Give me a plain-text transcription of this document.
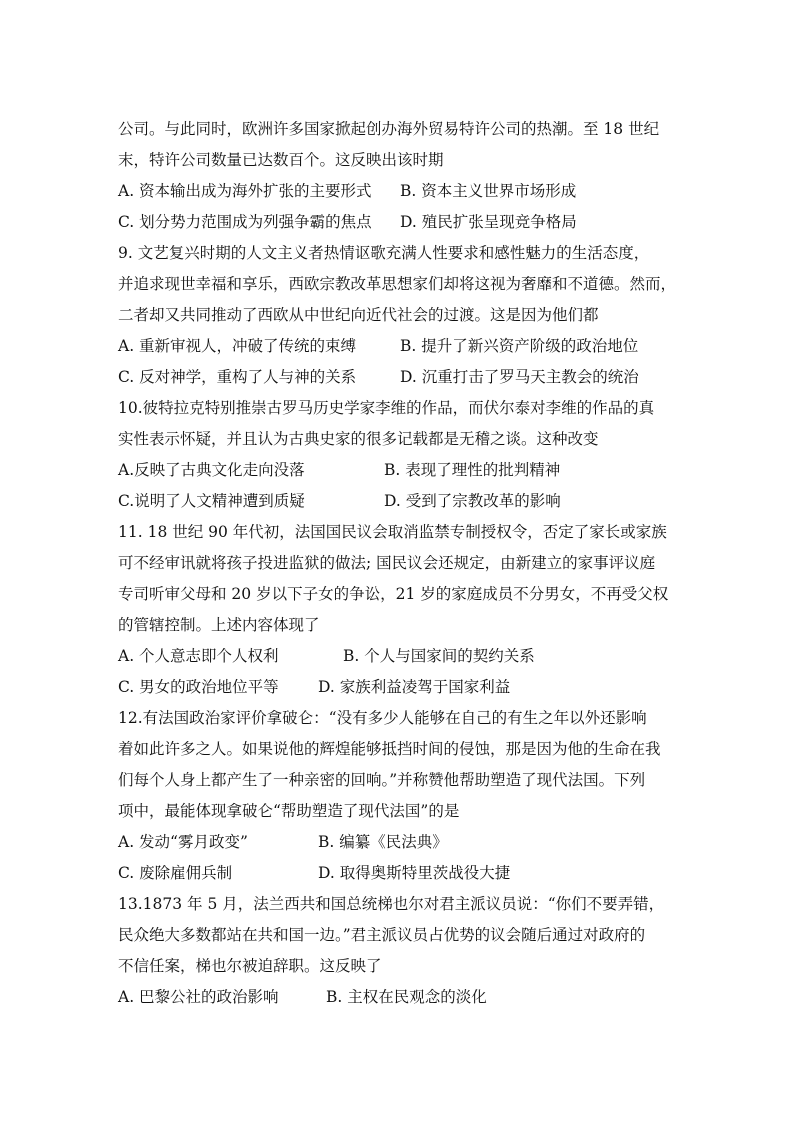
公司。与此同时，欧洲许多国家掀起创办海外贸易特许公司的热潮。至 18 世纪
末，特许公司数量已达数百个。这反映出该时期
A. 资本输出成为海外扩张的主要形式	B. 资本主义世界市场形成
C. 划分势力范围成为列强争霸的焦点	D. 殖民扩张呈现竞争格局
9. 文艺复兴时期的人文主义者热情讴歌充满人性要求和感性魅力的生活态度，
并追求现世幸福和享乐，西欧宗教改革思想家们却将这视为奢靡和不道德。然而，
二者却又共同推动了西欧从中世纪向近代社会的过渡。这是因为他们都
A. 重新审视人，冲破了传统的束缚	B. 提升了新兴资产阶级的政治地位
C. 反对神学，重构了人与神的关系	D. 沉重打击了罗马天主教会的统治
10.彼特拉克特别推崇古罗马历史学家李维的作品，而伏尔泰对李维的作品的真
实性表示怀疑，并且认为古典史家的很多记载都是无稽之谈。这种改变
A.反映了古典文化走向没落	B. 表现了理性的批判精神
C.说明了人文精神遭到质疑	D. 受到了宗教改革的影响
11. 18 世纪 90 年代初，法国国民议会取消监禁专制授权令，否定了家长或家族
可不经审讯就将孩子投进监狱的做法; 国民议会还规定，由新建立的家事评议庭
专司听审父母和 20 岁以下子女的争讼，21 岁的家庭成员不分男女，不再受父权
的管辖控制。上述内容体现了
A. 个人意志即个人权利	B. 个人与国家间的契约关系
C. 男女的政治地位平等	D. 家族利益凌驾于国家利益
12.有法国政治家评价拿破仑：“没有多少人能够在自己的有生之年以外还影响
着如此许多之人。如果说他的辉煌能够抵挡时间的侵蚀，那是因为他的生命在我
们每个人身上都产生了一种亲密的回响。”并称赞他帮助塑造了现代法国。下列
项中，最能体现拿破仑“帮助塑造了现代法国”的是
A. 发动“雾月政变”	B. 编纂《民法典》
C. 废除雇佣兵制	D. 取得奥斯特里茨战役大捷
13.1873 年 5 月，法兰西共和国总统梯也尔对君主派议员说：“你们不要弄错，
民众绝大多数都站在共和国一边。”君主派议员占优势的议会随后通过对政府的
不信任案，梯也尔被迫辞职。这反映了
A. 巴黎公社的政治影响	B. 主权在民观念的淡化
